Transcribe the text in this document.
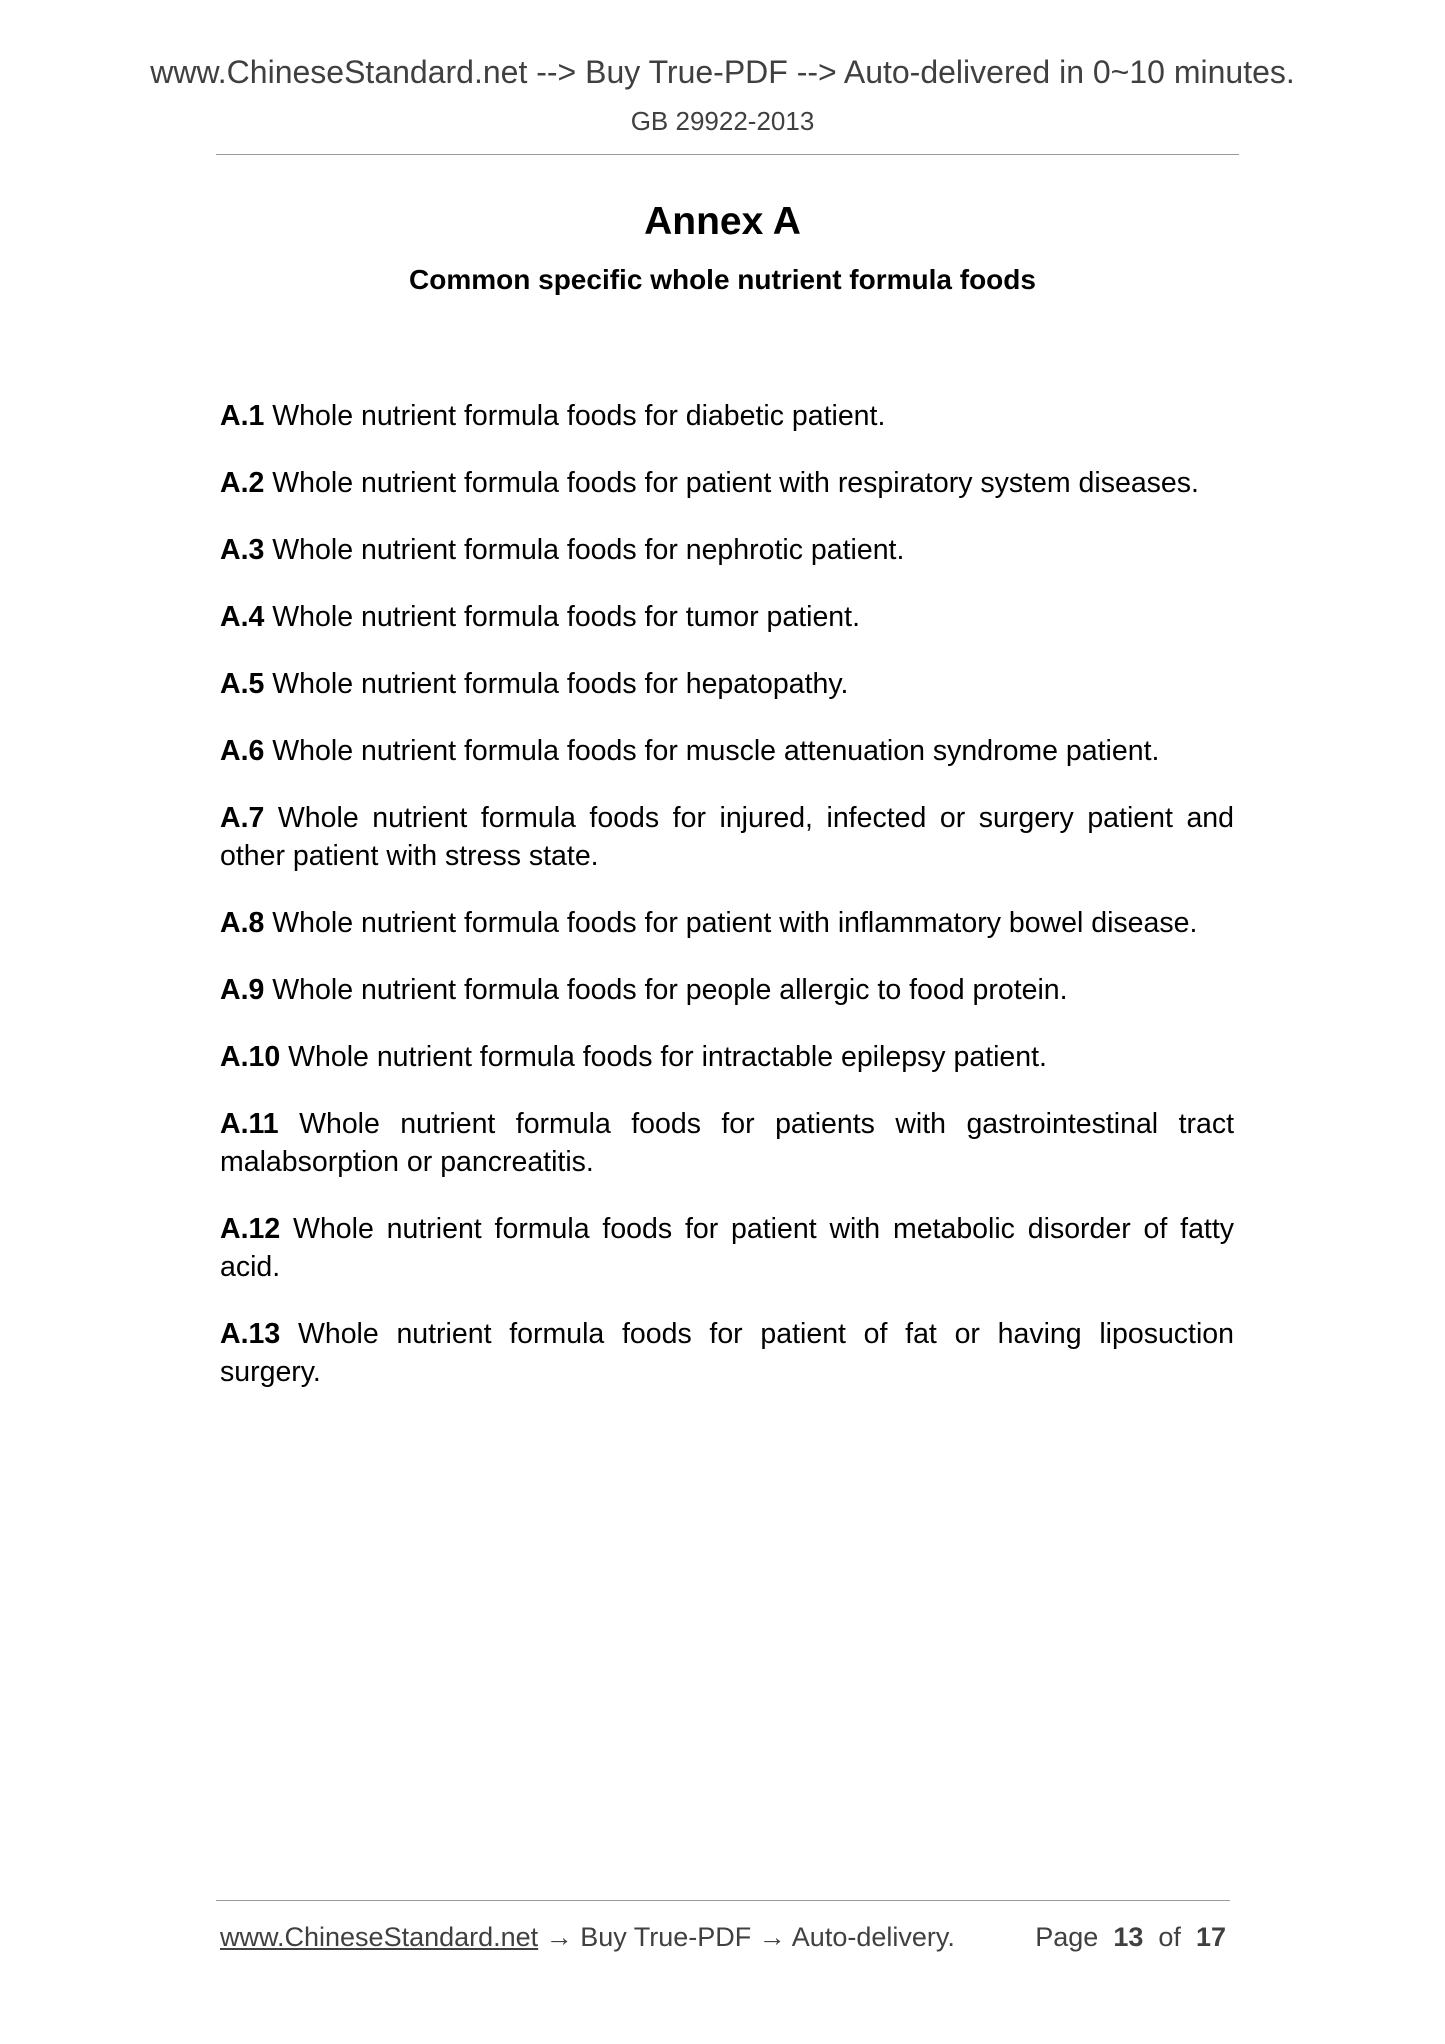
www.ChineseStandard.net --> Buy True-PDF --> Auto-delivered in 0~10 minutes.
GB 29922-2013
Annex A
Common specific whole nutrient formula foods

A.1 Whole nutrient formula foods for diabetic patient.

A.2 Whole nutrient formula foods for patient with respiratory system diseases.

A.3 Whole nutrient formula foods for nephrotic patient.

A.4 Whole nutrient formula foods for tumor patient.

A.5 Whole nutrient formula foods for hepatopathy.

A.6 Whole nutrient formula foods for muscle attenuation syndrome patient.

A.7 Whole nutrient formula foods for injured, infected or surgery patient and other patient with stress state.

A.8 Whole nutrient formula foods for patient with inflammatory bowel disease.

A.9 Whole nutrient formula foods for people allergic to food protein.

A.10 Whole nutrient formula foods for intractable epilepsy patient.

A.11 Whole nutrient formula foods for patients with gastrointestinal tract malabsorption or pancreatitis.

A.12 Whole nutrient formula foods for patient with metabolic disorder of fatty acid.

A.13 Whole nutrient formula foods for patient of fat or having liposuction surgery.

www.ChineseStandard.net → Buy True-PDF → Auto-delivery.	Page 13 of 17
